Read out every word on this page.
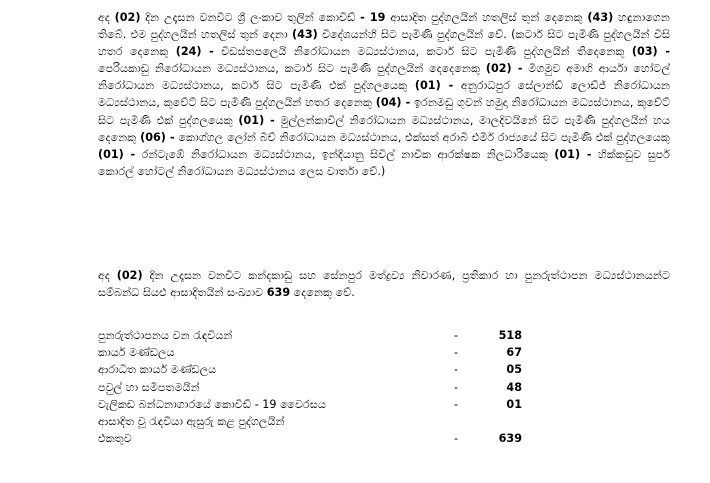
අද (02) දින උදෑසන වනවිට ශ්‍රී ලංකාව තුලින් කොවිඩ් - 19 ආසාදිත පුද්ගලයින් හතලිස් තුන් දෙනෙකු (43) හඳුනාගෙන තිබේ. එම පුද්ගලයින් හතලිස් තුන් දෙනා (43) විදේශයන්හි සිට පැමිණි පුද්ගලයින් වේ. (කටාර් සිට පැමිණි පුද්ගලයින් විසි හතර දෙනෙකු (24) - විඩස්තපලෙයි නිරෝධායන මධ්‍යස්ථානය, කටාර් සිට පැමිණි පුද්ගලයින් තිදෙනෙකු (03) - පෙරියකාඩු නිරෝධායන මධ්‍යස්ථානය, කටාර් සිට පැමිණි පුද්ගලයින් දෙදෙනෙකු (02) - මීගමුව අමාගි ආර්යා හෝටල් නිරෝධායන මධ්‍යස්ථානය, කටාර් සිට පැමිණි එක් පුද්ගලයෙකු (01) - අනුරාධපුර සේලාන්ඩ් ලොඩ්ජ් නිරෝධායන මධ්‍යස්ථානය, කුවේට් සිට පැමිණි පුද්ගලයින් හතර දෙනෙකු (04) - ඉරනමඩු ගුවන් හමුදා නිරෝධායන මධ්‍යස්ථානය, කුවේට් සිට පැමිණි එක් පුද්ගලයෙකු (01) - මුල්ලන්කාවිල් නිරෝධායන මධ්‍යස්ථානය, මාලදිවයිනේ සිට පැමිණි පුද්ගලයින් හය දෙනෙකු (06) - කොග්ගල ලෝන් බීච් නිරෝධායන මධ්‍යස්ථානය, එක්සත් අරාබි එමීර් රාජ්‍යයේ සිට පැමිණි එක් පුද්ගලයෙකු (01) - රන්ටැඹේ නිරෝධායන මධ්‍යස්ථානය, ඉන්දියානු සිවිල් නාවික ආරක්ෂක නිලධාරියෙකු (01) - හික්කඩුව සුපර් කොරල් හෝටල් නිරෝධායන මධ්‍යස්ථානය ලෙස වාර්තා වේ.)
අද (02) දින උදෑසන වනවිට කන්දකාඩු සහ සේනපුර මත්ද්‍රව්‍ය නිවාරණ, ප්‍රතිකාර හා පුනරුත්ථාපන මධ්‍යස්ථානයන්ට සම්බන්ධ සියළු ආසාදිතයින් සංඛ්‍යාව 639 දෙනෙකු වේ.
පුනරුත්ථාපනය වන රැඳවියන්	-	518
කාර්ය මණ්ඩලය	-	67
ආරාධිත කාර්ය මණ්ඩලය	-	05
පවුල් හා සමීපතමයින්	-	48
වැලිකඩ බන්ධනාගාරයේ කොවිඩ් - 19 වෛරසය	-	01
ආසාදිත වූ රැඳවියා ඇසුරු කළ පුද්ගලයින්
එකතුව	-	639
